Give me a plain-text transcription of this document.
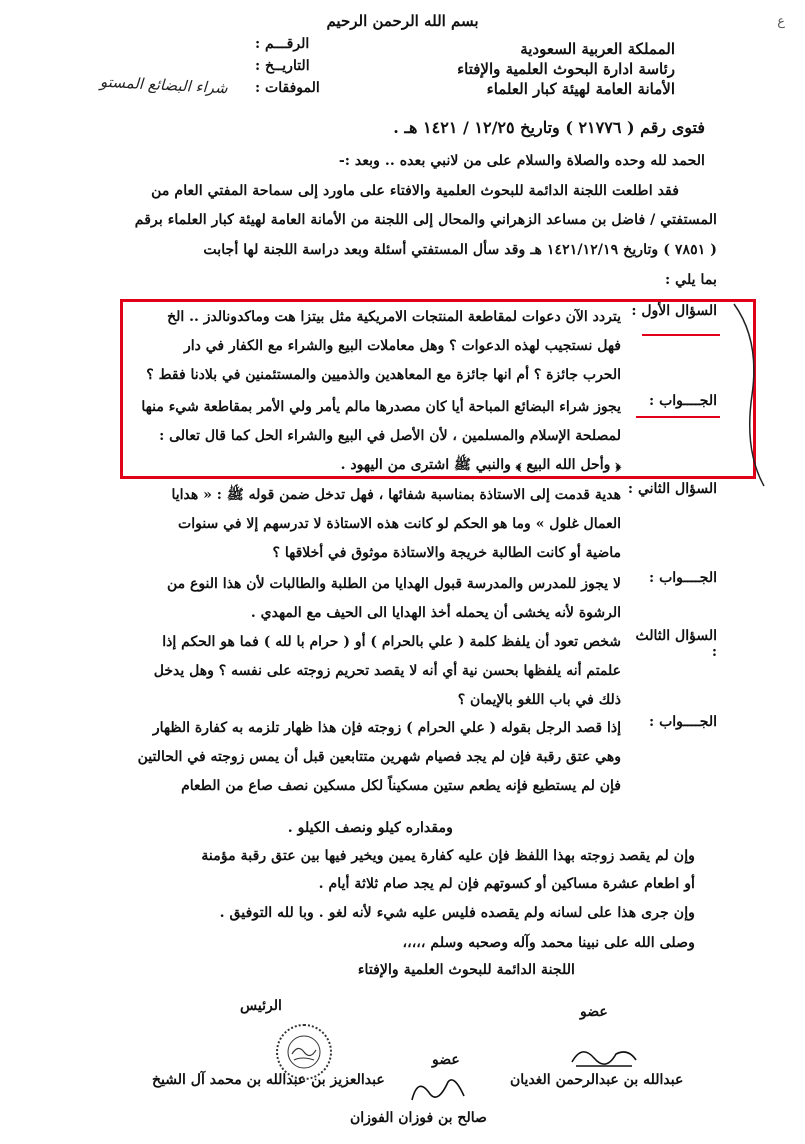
بسم الله الرحمن الرحيم	ع
المملكة العربية السعودية
رئاسة ادارة البحوث العلمية والإفتاء
الأمانة العامة لهيئة كبار العلماء
الرقـــم :
التاريــخ :
الموفقات :
شراء البضائع المستو
فتوى رقم ( ٢١٧٧٦ ) وتاريخ ١٢/٢٥ / ١٤٢١ هـ .
الحمد لله وحده والصلاة والسلام على من لانبي بعده .. وبعد :-
فقد اطلعت اللجنة الدائمة للبحوث العلمية والافتاء على ماورد إلى سماحة المفتي العام من
المستفتي / فاضل بن مساعد الزهراني والمحال إلى اللجنة من الأمانة العامة لهيئة كبار العلماء برقم
( ٧٨٥١ ) وتاريخ ١٤٢١/١٢/١٩ هـ وقد سأل المستفتي أسئلة وبعد دراسة اللجنة لها أجابت
بما يلي :
السؤال الأول :
يتردد الآن دعوات لمقاطعة المنتجات الامريكية مثل بيتزا هت وماكدونالدز .. الخ
فهل نستجيب لهذه الدعوات ؟ وهل معاملات البيع والشراء مع الكفار في دار
الحرب جائزة ؟ أم انها جائزة مع المعاهدين والذميين والمستئمنين في بلادنا فقط ؟
الجــــواب :
يجوز شراء البضائع المباحة أيا كان مصدرها مالم يأمر ولي الأمر بمقاطعة شيء منها
لمصلحة الإسلام والمسلمين ، لأن الأصل في البيع والشراء الحل كما قال تعالى :
﴿ وأحل الله البيع ﴾ والنبي ﷺ اشترى من اليهود .
السؤال الثاني :
هدية قدمت إلى الاستاذة بمناسبة شفائها ، فهل تدخل ضمن قوله ﷺ : « هدايا
العمال غلول » وما هو الحكم لو كانت هذه الاستاذة لا تدرسهم إلا في سنوات
ماضية أو كانت الطالبة خريجة والاستاذة موثوق في أخلاقها ؟
الجــــواب :
لا يجوز للمدرس والمدرسة قبول الهدايا من الطلبة والطالبات لأن هذا النوع من
الرشوة لأنه يخشى أن يحمله أخذ الهدايا الى الحيف مع المهدي .
السؤال الثالث :
شخص تعود أن يلفظ كلمة ( علي بالحرام ) أو ( حرام با لله ) فما هو الحكم إذا
علمتم أنه يلفظها بحسن نية أي أنه لا يقصد تحريم زوجته على نفسه ؟ وهل يدخل
ذلك في باب اللغو بالإيمان ؟
الجــــواب :
إذا قصد الرجل بقوله ( علي الحرام ) زوجته فإن هذا ظهار تلزمه به كفارة الظهار
وهي عتق رقبة فإن لم يجد فصيام شهرين متتابعين قبل أن يمس زوجته في الحالتين
فإن لم يستطيع فإنه يطعم ستين مسكيناً لكل مسكين نصف صاع من الطعام
ومقداره كيلو ونصف الكيلو .
وإن لم يقصد زوجته بهذا اللفظ فإن عليه كفارة يمين ويخير فيها بين عتق رقبة مؤمنة
أو اطعام عشرة مساكين أو كسوتهم فإن لم يجد صام ثلاثة أيام .
وإن جرى هذا على لسانه ولم يقصده فليس عليه شيء لأنه لغو . وبا لله التوفيق .
وصلى الله على نبينا محمد وآله وصحبه وسلم ،،،،،
اللجنة الدائمة للبحوث العلمية والإفتاء
الرئيس	عضو
عضو
عبدالعزيز بن عبدالله بن محمد آل الشيخ	عبدالله بن عبدالرحمن الغديان
صالح بن فوزان الفوزان
